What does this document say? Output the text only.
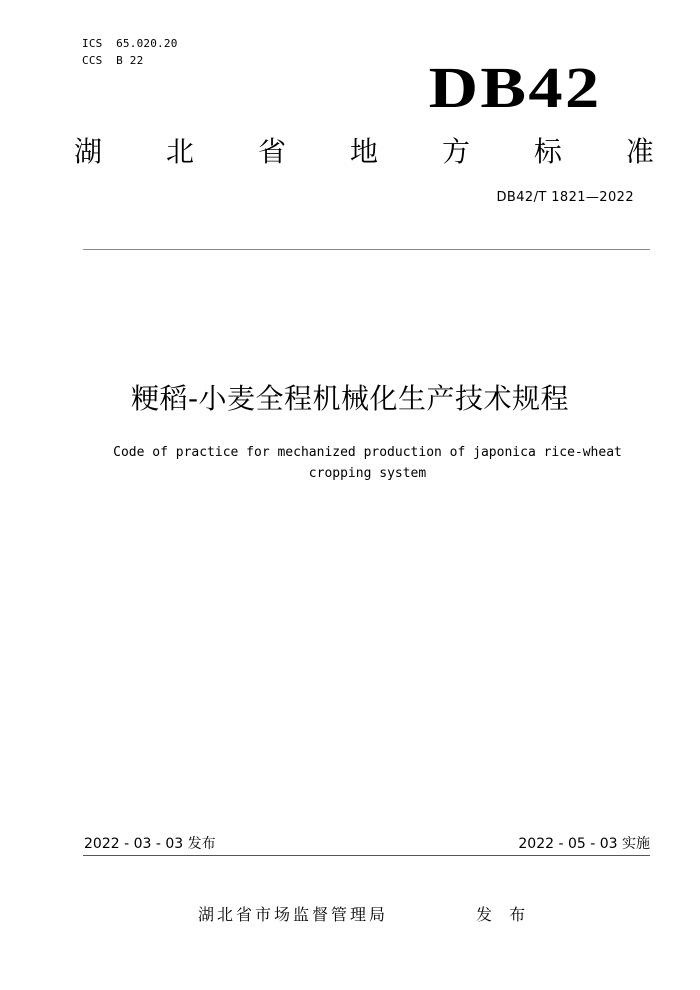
ICS  65.020.20
CCS  B 22	DB42
湖 北 省 地 方 标 准
DB42/T 1821—2022
粳稻-小麦全程机械化生产技术规程
Code of practice for mechanized production of japonica rice-wheat
cropping system
2022 - 03 - 03 发布	2022 - 05 - 03 实施
湖北省市场监督管理局	发 布
